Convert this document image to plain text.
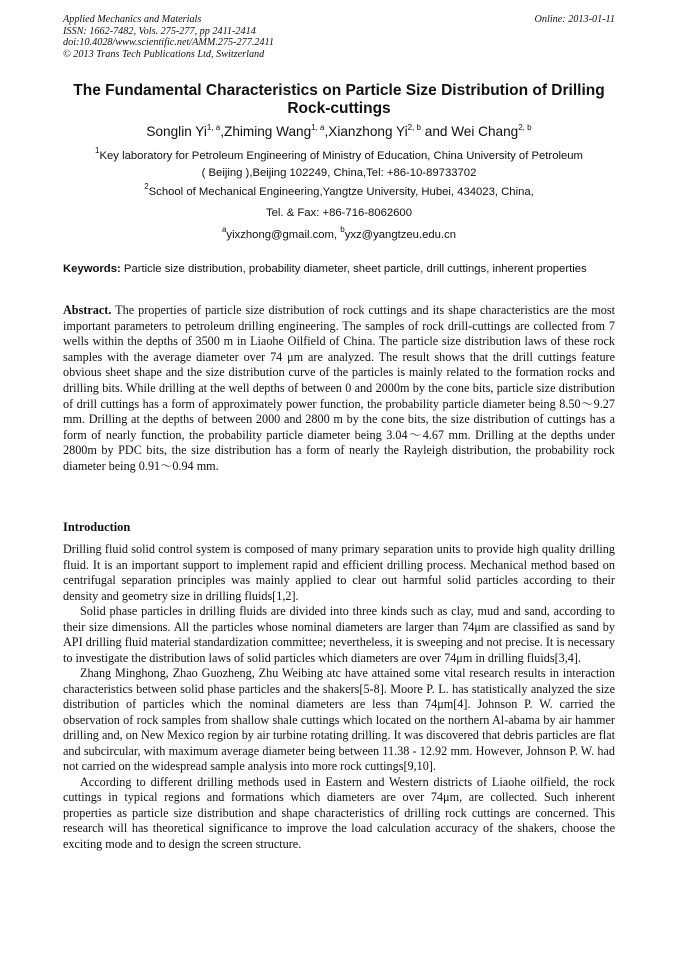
Applied Mechanics and Materials
ISSN: 1662-7482, Vols. 275-277, pp 2411-2414
doi:10.4028/www.scientific.net/AMM.275-277.2411
© 2013 Trans Tech Publications Ltd, Switzerland
Online: 2013-01-11
The Fundamental Characteristics on Particle Size Distribution of Drilling
Rock-cuttings
Songlin Yi$^{1, a}$,Zhiming Wang$^{1, a}$,Xianzhong Yi$^{2, b}$ and Wei Chang$^{2, b}$
$^1$Key laboratory for Petroleum Engineering of Ministry of Education, China University of Petroleum
( Beijing ),Beijing 102249, China,Tel: +86-10-89733702
$^2$School of Mechanical Engineering,Yangtze University, Hubei, 434023, China,
Tel. & Fax: +86-716-8062600
$^a$yixzhong@gmail.com, $^b$yxz@yangtzeu.edu.cn
Keywords: Particle size distribution, probability diameter, sheet particle, drill cuttings, inherent properties
Abstract. The properties of particle size distribution of rock cuttings and its shape characteristics are the most important parameters to petroleum drilling engineering. The samples of rock drill-cuttings are collected from 7 wells within the depths of 3500 m in Liaohe Oilfield of China. The particle size distribution laws of these rock samples with the average diameter over 74 μm are analyzed. The result shows that the drill cuttings feature obvious sheet shape and the size distribution curve of the particles is mainly related to the formation rocks and drilling bits. While drilling at the well depths of between 0 and 2000m by the cone bits, particle size distribution of drill cuttings has a form of approximately power function, the probability particle diameter being 8.50～9.27 mm. Drilling at the depths of between 2000 and 2800 m by the cone bits, the size distribution of cuttings has a form of nearly function, the probability particle diameter being 3.04～4.67 mm. Drilling at the depths under 2800m by PDC bits, the size distribution has a form of nearly the Rayleigh distribution, the probability rock diameter being 0.91～0.94 mm.
Introduction

Drilling fluid solid control system is composed of many primary separation units to provide high quality drilling fluid. It is an important support to implement rapid and efficient drilling process. Mechanical method based on centrifugal separation principles was mainly applied to clear out harmful solid particles according to their density and geometry size in drilling fluids[1,2].

Solid phase particles in drilling fluids are divided into three kinds such as clay, mud and sand, according to their size dimensions. All the particles whose nominal diameters are larger than 74μm are classified as sand by API drilling fluid material standardization committee; nevertheless, it is sweeping and not precise. It is necessary to investigate the distribution laws of solid particles which diameters are over 74μm in drilling fluids[3,4].

Zhang Minghong, Zhao Guozheng, Zhu Weibing atc have attained some vital research results in interaction characteristics between solid phase particles and the shakers[5-8]. Moore P. L. has statistically analyzed the size distribution of particles which the nominal diameters are less than 74μm[4]. Johnson P. W. carried the observation of rock samples from shallow shale cuttings which located on the northern Al-abama by air hammer drilling and, on New Mexico region by air turbine rotating drilling. It was discovered that debris particles are flat and subcircular, with maximum average diameter being between 11.38 - 12.92 mm. However, Johnson P. W. had not carried on the widespread sample analysis into more rock cuttings[9,10].

According to different drilling methods used in Eastern and Western districts of Liaohe oilfield, the rock cuttings in typical regions and formations which diameters are over 74μm, are collected. Such inherent properties as particle size distribution and shape characteristics of drilling rock cuttings are concerned. This research will has theoretical significance to improve the load calculation accuracy of the shakers, choose the exciting mode and to design the screen structure.
